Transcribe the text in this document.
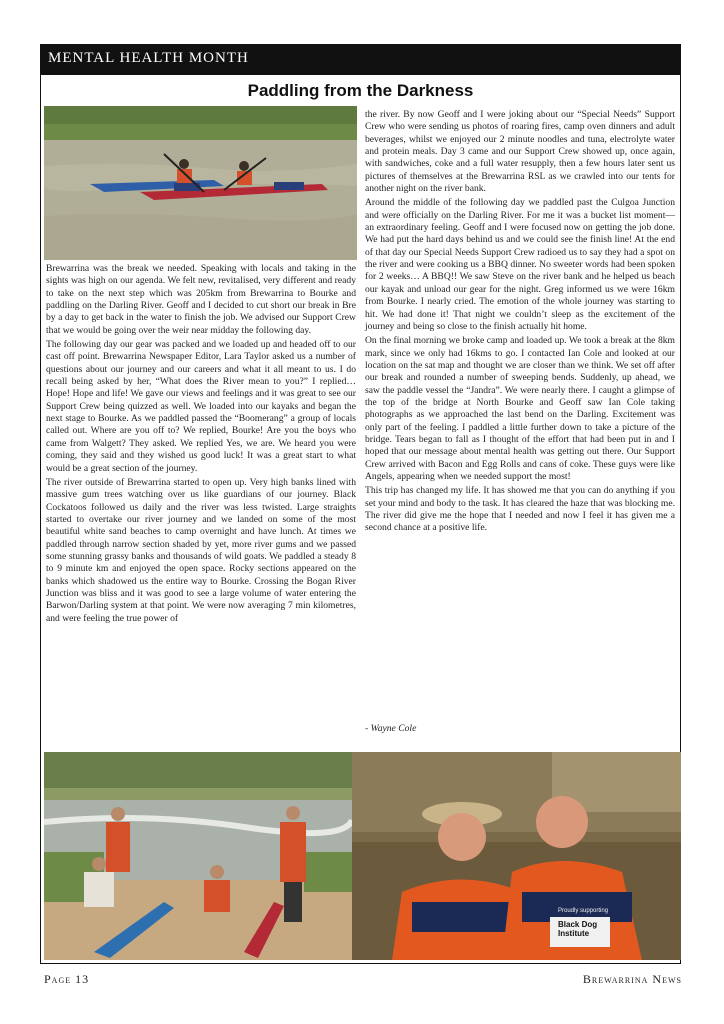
MENTAL HEALTH MONTH
Paddling from the Darkness

Brewarrina was the break we needed. Speaking with locals and taking in the sights was high on our agenda. We felt new, revitalised, very different and ready to take on the next step which was 205km from Brewarrina to Bourke and paddling on the Darling River. Geoff and I decided to cut short our break in Bre by a day to get back in the water to finish the job. We advised our Support Crew that we would be going over the weir near midday the following day.

The following day our gear was packed and we loaded up and headed off to our cast off point. Brewarrina Newspaper Editor, Lara Taylor asked us a number of questions about our journey and our careers and what it all meant to us. I do recall being asked by her, “What does the River mean to you?” I replied… Hope! Hope and life! We gave our views and feelings and it was great to see our Support Crew being quizzed as well. We loaded into our kayaks and began the next stage to Bourke. As we paddled passed the “Boomerang” a group of locals called out. Where are you off to? We replied, Bourke! Are you the boys who came from Walgett? They asked. We replied Yes, we are. We heard you were coming, they said and they wished us good luck! It was a great start to what would be a great section of the journey.

The river outside of Brewarrina started to open up. Very high banks lined with massive gum trees watching over us like guardians of our journey. Black Cockatoos followed us daily and the river was less twisted. Large straights started to overtake our river journey and we landed on some of the most beautiful white sand beaches to camp overnight and have lunch. At times we paddled through narrow section shaded by yet, more river gums and we passed some stunning grassy banks and thousands of wild goats. We paddled a steady 8 to 9 minute km and enjoyed the open space. Rocky sections appeared on the banks which shadowed us the entire way to Bourke. Crossing the Bogan River Junction was bliss and it was good to see a large volume of water entering the Barwon/Darling system at that point. We were now averaging 7 min kilometres, and were feeling the true power of

the river. By now Geoff and I were joking about our “Special Needs” Support Crew who were sending us photos of roaring fires, camp oven dinners and adult beverages, whilst we enjoyed our 2 minute noodles and tuna, electrolyte water and protein meals. Day 3 came and our Support Crew showed up, once again, with sandwiches, coke and a full water resupply, then a few hours later sent us pictures of themselves at the Brewarrina RSL as we crawled into our tents for another night on the river bank.

Around the middle of the following day we paddled past the Culgoa Junction and were officially on the Darling River. For me it was a bucket list moment—an extraordinary feeling. Geoff and I were focused now on getting the job done. We had put the hard days behind us and we could see the finish line! At the end of that day our Special Needs Support Crew radioed us to say they had a spot on the river and were cooking us a BBQ dinner. No sweeter words had been spoken for 2 weeks… A BBQ!! We saw Steve on the river bank and he helped us beach our kayak and unload our gear for the night. Greg informed us we were 16km from Bourke. I nearly cried. The emotion of the whole journey was starting to hit. We had done it! That night we couldn’t sleep as the excitement of the journey and being so close to the finish actually hit home.

On the final morning we broke camp and loaded up. We took a break at the 8km mark, since we only had 16kms to go. I contacted Ian Cole and looked at our location on the sat map and thought we are closer than we think. We set off after our break and rounded a number of sweeping bends. Suddenly, up ahead, we saw the paddle vessel the “Jandra”. We were nearly there. I caught a glimpse of the top of the bridge at North Bourke and Geoff saw Ian Cole taking photographs as we approached the last bend on the Darling. Excitement was only part of the feeling. I paddled a little further down to take a picture of the bridge. Tears began to fall as I thought of the effort that had been put in and I hoped that our message about mental health was getting out there. Our Support Crew arrived with Bacon and Egg Rolls and cans of coke. These guys were like Angels, appearing when we needed support the most!

This trip has changed my life. It has showed me that you can do anything if you set your mind and body to the task. It has cleared the haze that was blocking me. The river did give me the hope that I needed and now I feel it has given me a second chance at a positive life.

- Wayne Cole
Black Dog Institute
Proudly supporting
Page 13	Brewarrina News
